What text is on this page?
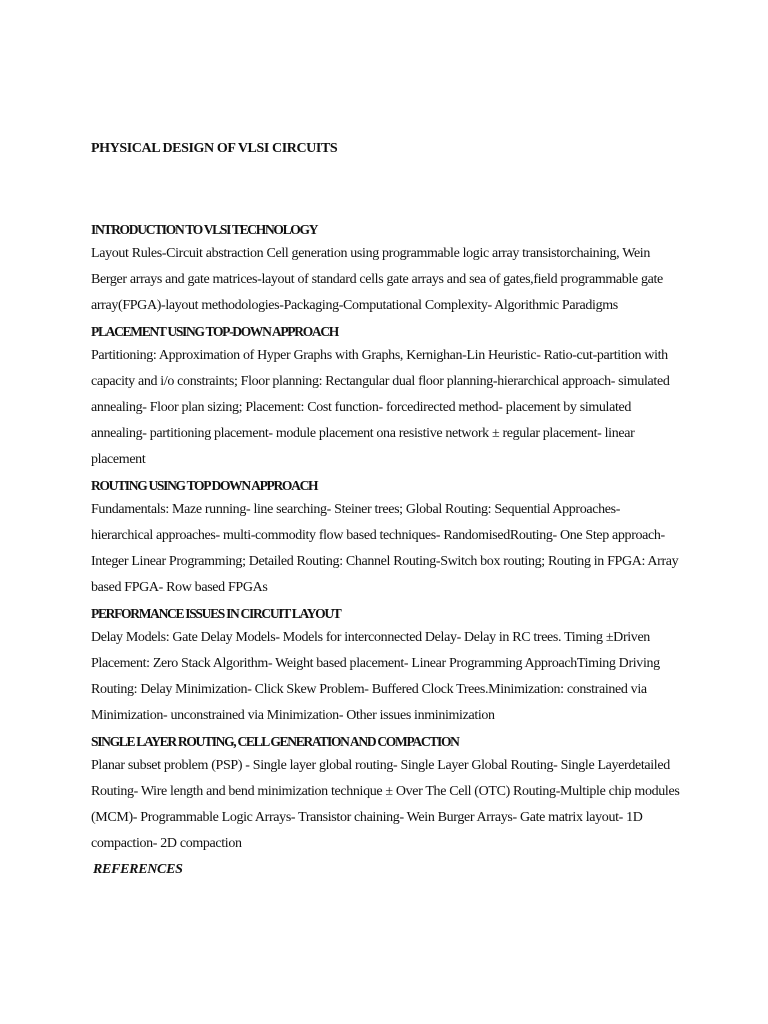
PHYSICAL DESIGN OF VLSI CIRCUITS
INTRODUCTION TO VLSI TECHNOLOGY

Layout Rules-Circuit abstraction Cell generation using programmable logic array transistorchaining, Wein Berger arrays and gate matrices-layout of standard cells gate arrays and sea of gates,field programmable gate array(FPGA)-layout methodologies-Packaging-Computational Complexity- Algorithmic Paradigms

PLACEMENT USING TOP-DOWN APPROACH

Partitioning: Approximation of Hyper Graphs with Graphs, Kernighan-Lin Heuristic- Ratio-cut-partition with capacity and i/o constraints; Floor planning: Rectangular dual floor planning-hierarchical approach- simulated annealing- Floor plan sizing; Placement: Cost function- forcedirected method- placement by simulated annealing- partitioning placement- module placement ona resistive network ± regular placement- linear placement

ROUTING USING TOP DOWN APPROACH

Fundamentals: Maze running- line searching- Steiner trees; Global Routing: Sequential Approaches- hierarchical approaches- multi-commodity flow based techniques- RandomisedRouting- One Step approach- Integer Linear Programming; Detailed Routing: Channel Routing-Switch box routing; Routing in FPGA: Array based FPGA- Row based FPGAs

PERFORMANCE ISSUES IN CIRCUIT LAYOUT

Delay Models: Gate Delay Models- Models for interconnected Delay- Delay in RC trees. Timing ±Driven Placement: Zero Stack Algorithm- Weight based placement- Linear Programming ApproachTiming Driving Routing: Delay Minimization- Click Skew Problem- Buffered Clock Trees.Minimization: constrained via Minimization- unconstrained via Minimization- Other issues inminimization

SINGLE LAYER ROUTING, CELL GENERATION AND COMPACTION

Planar subset problem (PSP) - Single layer global routing- Single Layer Global Routing- Single Layerdetailed Routing- Wire length and bend minimization technique ± Over The Cell (OTC) Routing-Multiple chip modules (MCM)- Programmable Logic Arrays- Transistor chaining- Wein Burger Arrays- Gate matrix layout- 1D compaction- 2D compaction

REFERENCES
